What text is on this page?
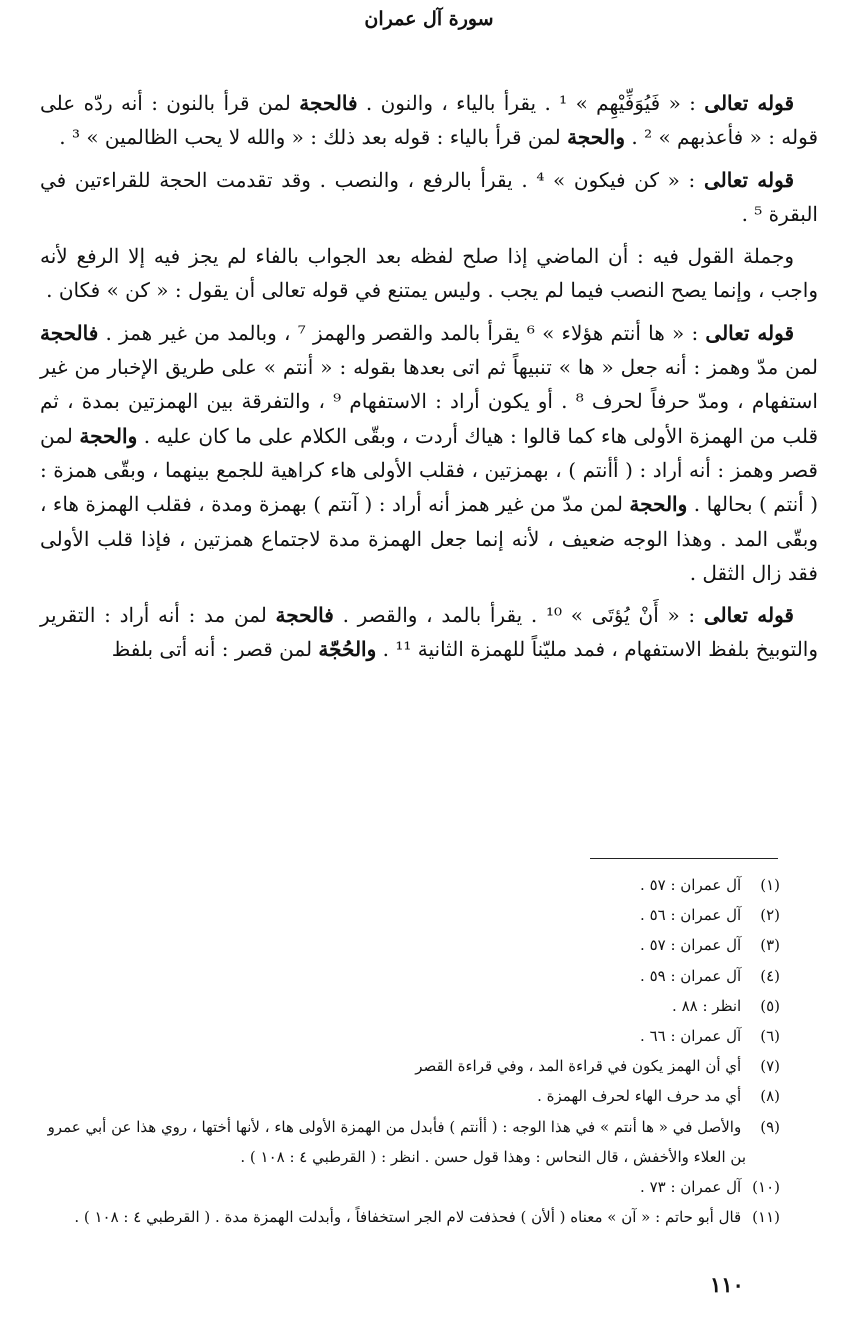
سورة آل عمران

قوله تعالى : « فَيُوَفِّيْهِم » ¹ . يقرأ بالياء ، والنون . فالحجة لمن قرأ بالنون : أنه ردّه على قوله : « فأعذبهم » ² . والحجة لمن قرأ بالياء : قوله بعد ذلك : « والله لا يحب الظالمين » ³ .

قوله تعالى : « كن فيكون » ⁴ . يقرأ بالرفع ، والنصب . وقد تقدمت الحجة للقراءتين في البقرة ⁵ .

وجملة القول فيه : أن الماضي إذا صلح لفظه بعد الجواب بالفاء لم يجز فيه إلا الرفع لأنه واجب ، وإنما يصح النصب فيما لم يجب . وليس يمتنع في قوله تعالى أن يقول : « كن » فكان .

قوله تعالى : « ها أنتم هؤلاء » ⁶ يقرأ بالمد والقصر والهمز ⁷ ، وبالمد من غير همز . فالحجة لمن مدّ وهمز : أنه جعل « ها » تنبيهاً ثم اتى بعدها بقوله : « أنتم » على طريق الإخبار من غير استفهام ، ومدّ حرفاً لحرف ⁸ . أو يكون أراد : الاستفهام ⁹ ، والتفرقة بين الهمزتين بمدة ، ثم قلب من الهمزة الأولى هاء كما قالوا : هياك أردت ، وبقّى الكلام على ما كان عليه . والحجة لمن قصر وهمز : أنه أراد : ( أأنتم ) ، بهمزتين ، فقلب الأولى هاء كراهية للجمع بينهما ، وبقّى همزة : ( أنتم ) بحالها . والحجة لمن مدّ من غير همز أنه أراد : ( آنتم ) بهمزة ومدة ، فقلب الهمزة هاء ، وبقّى المد . وهذا الوجه ضعيف ، لأنه إنما جعل الهمزة مدة لاجتماع همزتين ، فإذا قلب الأولى فقد زال الثقل .

قوله تعالى : « أَنْ يُؤتَى » ¹⁰ . يقرأ بالمد ، والقصر . فالحجة لمن مد : أنه أراد : التقرير والتوبيخ بلفظ الاستفهام ، فمد مليّناً للهمزة الثانية ¹¹ . والحُجّة لمن قصر : أنه أتى بلفظ

(١) آل عمران : ٥٧ .
(٢) آل عمران : ٥٦ .
(٣) آل عمران : ٥٧ .
(٤) آل عمران : ٥٩ .
(٥) انظر : ٨٨ .
(٦) آل عمران : ٦٦ .
(٧) أي أن الهمز يكون في قراءة المد ، وفي قراءة القصر
(٨) أي مد حرف الهاء لحرف الهمزة .
(٩) والأصل في « ها أنتم » في هذا الوجه : ( أأنتم ) فأبدل من الهمزة الأولى هاء ، لأنها أختها ، روي هذا عن أبي عمرو
بن العلاء والأخفش ، قال النحاس : وهذا قول حسن . انظر : ( القرطبي ٤ : ١٠٨ ) .
(١٠) آل عمران : ٧٣ .
(١١) قال أبو حاتم : « آن » معناه ( ألأن ) فحذفت لام الجر استخفافاً ، وأبدلت الهمزة مدة . ( القرطبي ٤ : ١٠٨ ) .
١١٠
